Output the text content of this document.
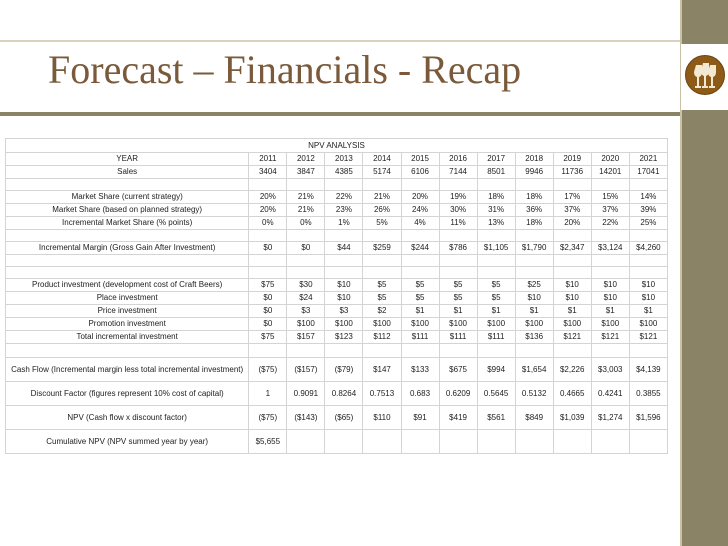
Forecast – Financials - Recap
NPV ANALYSIS											
YEAR	2011	2012	2013	2014	2015	2016	2017	2018	2019	2020	2021
Sales	3404	3847	4385	5174	6106	7144	8501	9946	11736	14201	17041

Market Share (current strategy)	20%	21%	22%	21%	20%	19%	18%	18%	17%	15%	14%
Market Share (based on planned strategy)	20%	21%	23%	26%	24%	30%	31%	36%	37%	37%	39%
Incremental Market Share (% points)	0%	0%	1%	5%	4%	11%	13%	18%	20%	22%	25%

Incremental Margin (Gross Gain After Investment)	$0	$0	$44	$259	$244	$786	$1,105	$1,790	$2,347	$3,124	$4,260

Product investment (development cost of Craft Beers)	$75	$30	$10	$5	$5	$5	$5	$25	$10	$10	$10
Place investment	$0	$24	$10	$5	$5	$5	$5	$10	$10	$10	$10
Price investment	$0	$3	$3	$2	$1	$1	$1	$1	$1	$1	$1
Promotion investment	$0	$100	$100	$100	$100	$100	$100	$100	$100	$100	$100
Total incremental investment	$75	$157	$123	$112	$111	$111	$111	$136	$121	$121	$121

Cash Flow (Incremental margin less total incremental investment)	($75)	($157)	($79)	$147	$133	$675	$994	$1,654	$2,226	$3,003	$4,139
Discount Factor (figures represent 10% cost of capital)	1	0.9091	0.8264	0.7513	0.683	0.6209	0.5645	0.5132	0.4665	0.4241	0.3855
NPV (Cash flow x discount factor)	($75)	($143)	($65)	$110	$91	$419	$561	$849	$1,039	$1,274	$1,596
Cumulative NPV (NPV summed year by year)	$5,655										
